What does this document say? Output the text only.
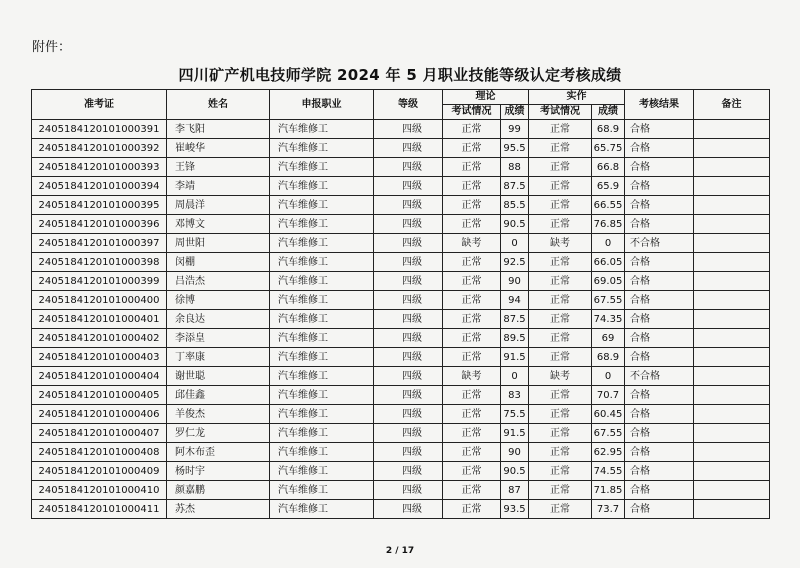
附件：
四川矿产机电技师学院 2024 年 5 月职业技能等级认定考核成绩
准考证	姓名	申报职业	等级	理论		实作		考核结果	备注
				考试情况	成绩	考试情况	成绩		
2405184120101000391	李飞阳	汽车维修工	四级	正常	99	正常	68.9	合格	
2405184120101000392	崔峻华	汽车维修工	四级	正常	95.5	正常	65.75	合格	
2405184120101000393	王锋	汽车维修工	四级	正常	88	正常	66.8	合格	
2405184120101000394	李靖	汽车维修工	四级	正常	87.5	正常	65.9	合格	
2405184120101000395	周晨洋	汽车维修工	四级	正常	85.5	正常	66.55	合格	
2405184120101000396	邓博文	汽车维修工	四级	正常	90.5	正常	76.85	合格	
2405184120101000397	周世阳	汽车维修工	四级	缺考	0	缺考	0	不合格	
2405184120101000398	闵棚	汽车维修工	四级	正常	92.5	正常	66.05	合格	
2405184120101000399	吕浩杰	汽车维修工	四级	正常	90	正常	69.05	合格	
2405184120101000400	徐博	汽车维修工	四级	正常	94	正常	67.55	合格	
2405184120101000401	余良达	汽车维修工	四级	正常	87.5	正常	74.35	合格	
2405184120101000402	李添皇	汽车维修工	四级	正常	89.5	正常	69	合格	
2405184120101000403	丁率康	汽车维修工	四级	正常	91.5	正常	68.9	合格	
2405184120101000404	谢世聪	汽车维修工	四级	缺考	0	缺考	0	不合格	
2405184120101000405	邱佳鑫	汽车维修工	四级	正常	83	正常	70.7	合格	
2405184120101000406	羊俊杰	汽车维修工	四级	正常	75.5	正常	60.45	合格	
2405184120101000407	罗仁龙	汽车维修工	四级	正常	91.5	正常	67.55	合格	
2405184120101000408	阿木布歪	汽车维修工	四级	正常	90	正常	62.95	合格	
2405184120101000409	杨时宇	汽车维修工	四级	正常	90.5	正常	74.55	合格	
2405184120101000410	颜嘉鹏	汽车维修工	四级	正常	87	正常	71.85	合格	
2405184120101000411	苏杰	汽车维修工	四级	正常	93.5	正常	73.7	合格	
2 / 17
